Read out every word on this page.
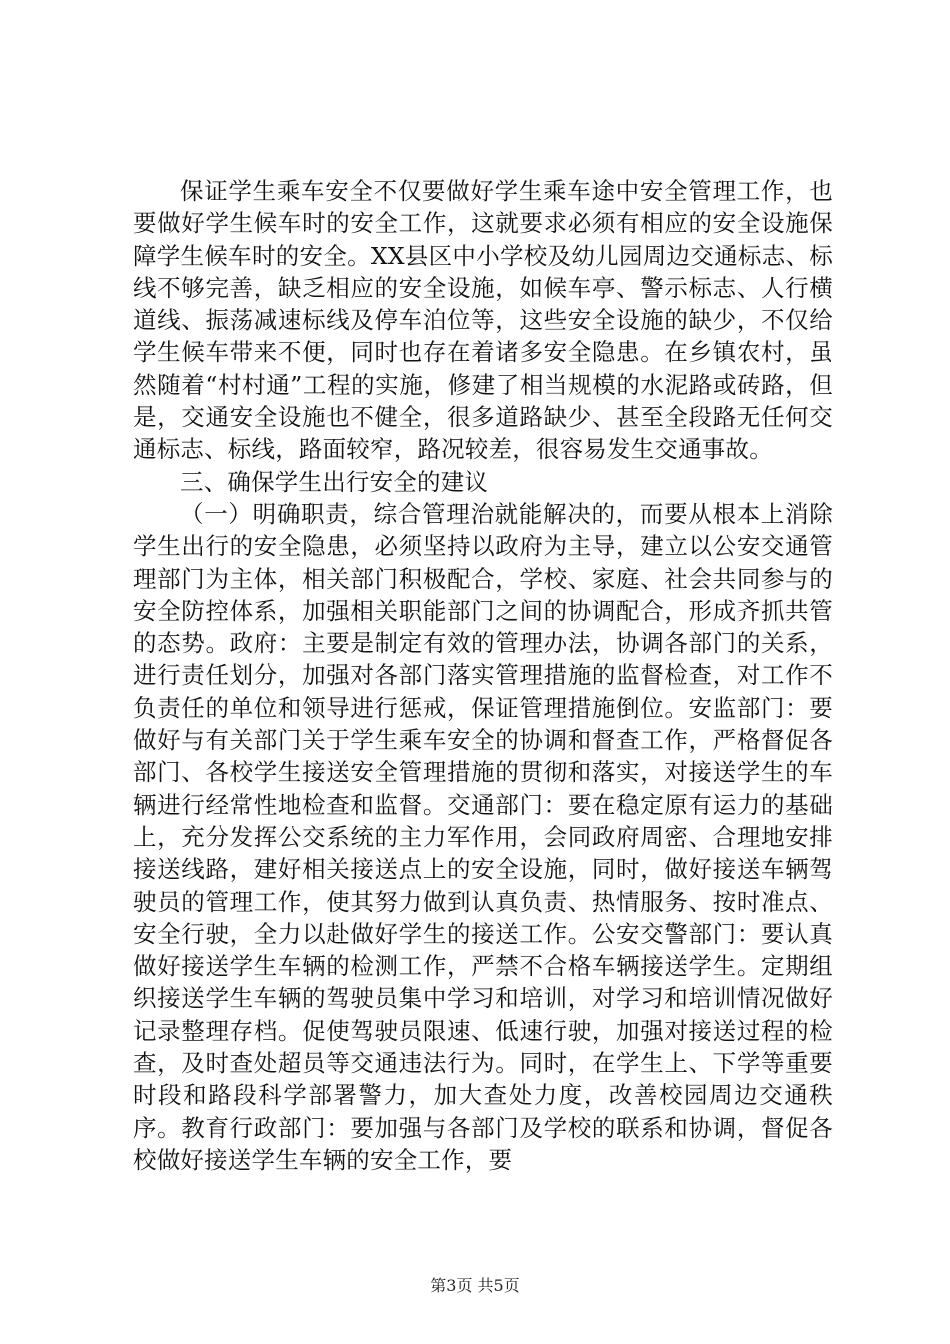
保证学生乘车安全不仅要做好学生乘车途中安全管理工作，也要做好学生候车时的安全工作，这就要求必须有相应的安全设施保障学生候车时的安全。XX县区中小学校及幼儿园周边交通标志、标线不够完善，缺乏相应的安全设施，如候车亭、警示标志、人行横道线、振荡减速标线及停车泊位等，这些安全设施的缺少，不仅给学生候车带来不便，同时也存在着诸多安全隐患。在乡镇农村，虽然随着“村村通”工程的实施，修建了相当规模的水泥路或砖路，但是，交通安全设施也不健全，很多道路缺少、甚至全段路无任何交通标志、标线，路面较窄，路况较差，很容易发生交通事故。

三、确保学生出行安全的建议

（一）明确职责，综合管理治就能解决的，而要从根本上消除学生出行的安全隐患，必须坚持以政府为主导，建立以公安交通管理部门为主体，相关部门积极配合，学校、家庭、社会共同参与的安全防控体系，加强相关职能部门之间的协调配合，形成齐抓共管的态势。政府：主要是制定有效的管理办法，协调各部门的关系，进行责任划分，加强对各部门落实管理措施的监督检查，对工作不负责任的单位和领导进行惩戒，保证管理措施倒位。安监部门：要做好与有关部门关于学生乘车安全的协调和督查工作，严格督促各部门、各校学生接送安全管理措施的贯彻和落实，对接送学生的车辆进行经常性地检查和监督。交通部门：要在稳定原有运力的基础上，充分发挥公交系统的主力军作用，会同政府周密、合理地安排接送线路，建好相关接送点上的安全设施，同时，做好接送车辆驾驶员的管理工作，使其努力做到认真负责、热情服务、按时准点、安全行驶，全力以赴做好学生的接送工作。公安交警部门：要认真做好接送学生车辆的检测工作，严禁不合格车辆接送学生。定期组织接送学生车辆的驾驶员集中学习和培训，对学习和培训情况做好记录整理存档。促使驾驶员限速、低速行驶，加强对接送过程的检查，及时查处超员等交通违法行为。同时，在学生上、下学等重要时段和路段科学部署警力，加大查处力度，改善校园周边交通秩序。教育行政部门：要加强与各部门及学校的联系和协调，督促各校做好接送学生车辆的安全工作，要

第3页 共5页
